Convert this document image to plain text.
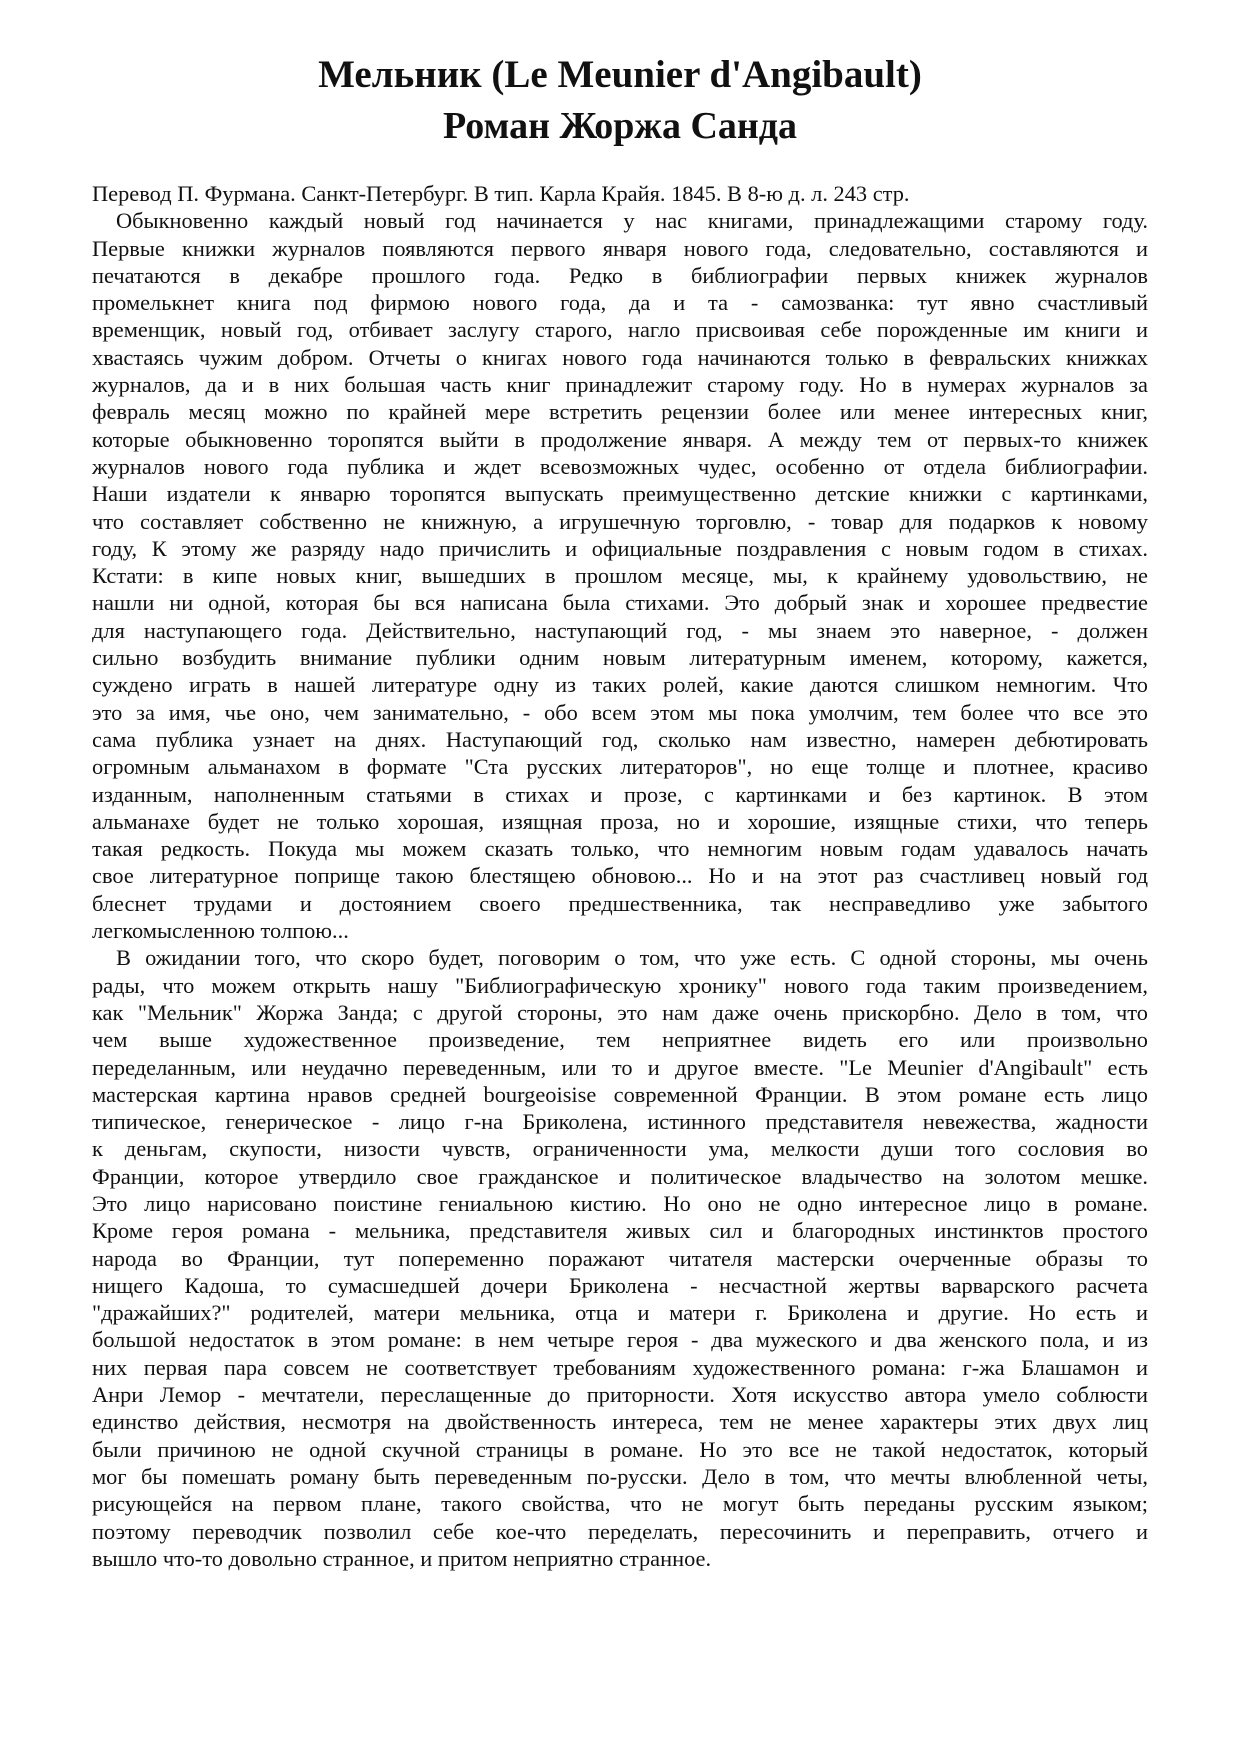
Мельник (Le Meunier d'Angibault)
Роман Жоржа Санда
Перевод П. Фурмана. Санкт-Петербург. В тип. Карла Крайя. 1845. В 8-ю д. л. 243 стр.
Обыкновенно каждый новый год начинается у нас книгами, принадлежащими старому году.
Первые книжки журналов появляются первого января нового года, следовательно, составляются и
печатаются в декабре прошлого года. Редко в библиографии первых книжек журналов
промелькнет книга под фирмою нового года, да и та - самозванка: тут явно счастливый
временщик, новый год, отбивает заслугу старого, нагло присвоивая себе порожденные им книги и
хвастаясь чужим добром. Отчеты о книгах нового года начинаются только в февральских книжках
журналов, да и в них большая часть книг принадлежит старому году. Но в нумерах журналов за
февраль месяц можно по крайней мере встретить рецензии более или менее интересных книг,
которые обыкновенно торопятся выйти в продолжение января. А между тем от первых-то книжек
журналов нового года публика и ждет всевозможных чудес, особенно от отдела библиографии.
Наши издатели к январю торопятся выпускать преимущественно детские книжки с картинками,
что составляет собственно не книжную, а игрушечную торговлю, - товар для подарков к новому
году, К этому же разряду надо причислить и официальные поздравления с новым годом в стихах.
Кстати: в кипе новых книг, вышедших в прошлом месяце, мы, к крайнему удовольствию, не
нашли ни одной, которая бы вся написана была стихами. Это добрый знак и хорошее предвестие
для наступающего года. Действительно, наступающий год, - мы знаем это наверное, - должен
сильно возбудить внимание публики одним новым литературным именем, которому, кажется,
суждено играть в нашей литературе одну из таких ролей, какие даются слишком немногим. Что
это за имя, чье оно, чем занимательно, - обо всем этом мы пока умолчим, тем более что все это
сама публика узнает на днях. Наступающий год, сколько нам известно, намерен дебютировать
огромным альманахом в формате "Ста русских литераторов", но еще толще и плотнее, красиво
изданным, наполненным статьями в стихах и прозе, с картинками и без картинок. В этом
альманахе будет не только хорошая, изящная проза, но и хорошие, изящные стихи, что теперь
такая редкость. Покуда мы можем сказать только, что немногим новым годам удавалось начать
свое литературное поприще такою блестящею обновою... Но и на этот раз счастливец новый год
блеснет трудами и достоянием своего предшественника, так несправедливо уже забытого
легкомысленною толпою...
В ожидании того, что скоро будет, поговорим о том, что уже есть. С одной стороны, мы очень
рады, что можем открыть нашу "Библиографическую хронику" нового года таким произведением,
как "Мельник" Жоржа Занда; с другой стороны, это нам даже очень прискорбно. Дело в том, что
чем выше художественное произведение, тем неприятнее видеть его или произвольно
переделанным, или неудачно переведенным, или то и другое вместе. "Le Meunier d'Angibault" есть
мастерская картина нравов средней bourgeoisise современной Франции. В этом романе есть лицо
типическое, генерическое - лицо г-на Бриколена, истинного представителя невежества, жадности
к деньгам, скупости, низости чувств, ограниченности ума, мелкости души того сословия во
Франции, которое утвердило свое гражданское и политическое владычество на золотом мешке.
Это лицо нарисовано поистине гениальною кистию. Но оно не одно интересное лицо в романе.
Кроме героя романа - мельника, представителя живых сил и благородных инстинктов простого
народа во Франции, тут попеременно поражают читателя мастерски очерченные образы то
нищего Кадоша, то сумасшедшей дочери Бриколена - несчастной жертвы варварского расчета
"дражайших?" родителей, матери мельника, отца и матери г. Бриколена и другие. Но есть и
большой недостаток в этом романе: в нем четыре героя - два мужеского и два женского пола, и из
них первая пара совсем не соответствует требованиям художественного романа: г-жа Блашамон и
Анри Лемор - мечтатели, переслащенные до приторности. Хотя искусство автора умело соблюсти
единство действия, несмотря на двойственность интереса, тем не менее характеры этих двух лиц
были причиною не одной скучной страницы в романе. Но это все не такой недостаток, который
мог бы помешать роману быть переведенным по-русски. Дело в том, что мечты влюбленной четы,
рисующейся на первом плане, такого свойства, что не могут быть переданы русским языком;
поэтому переводчик позволил себе кое-что переделать, пересочинить и переправить, отчего и
вышло что-то довольно странное, и притом неприятно странное.
